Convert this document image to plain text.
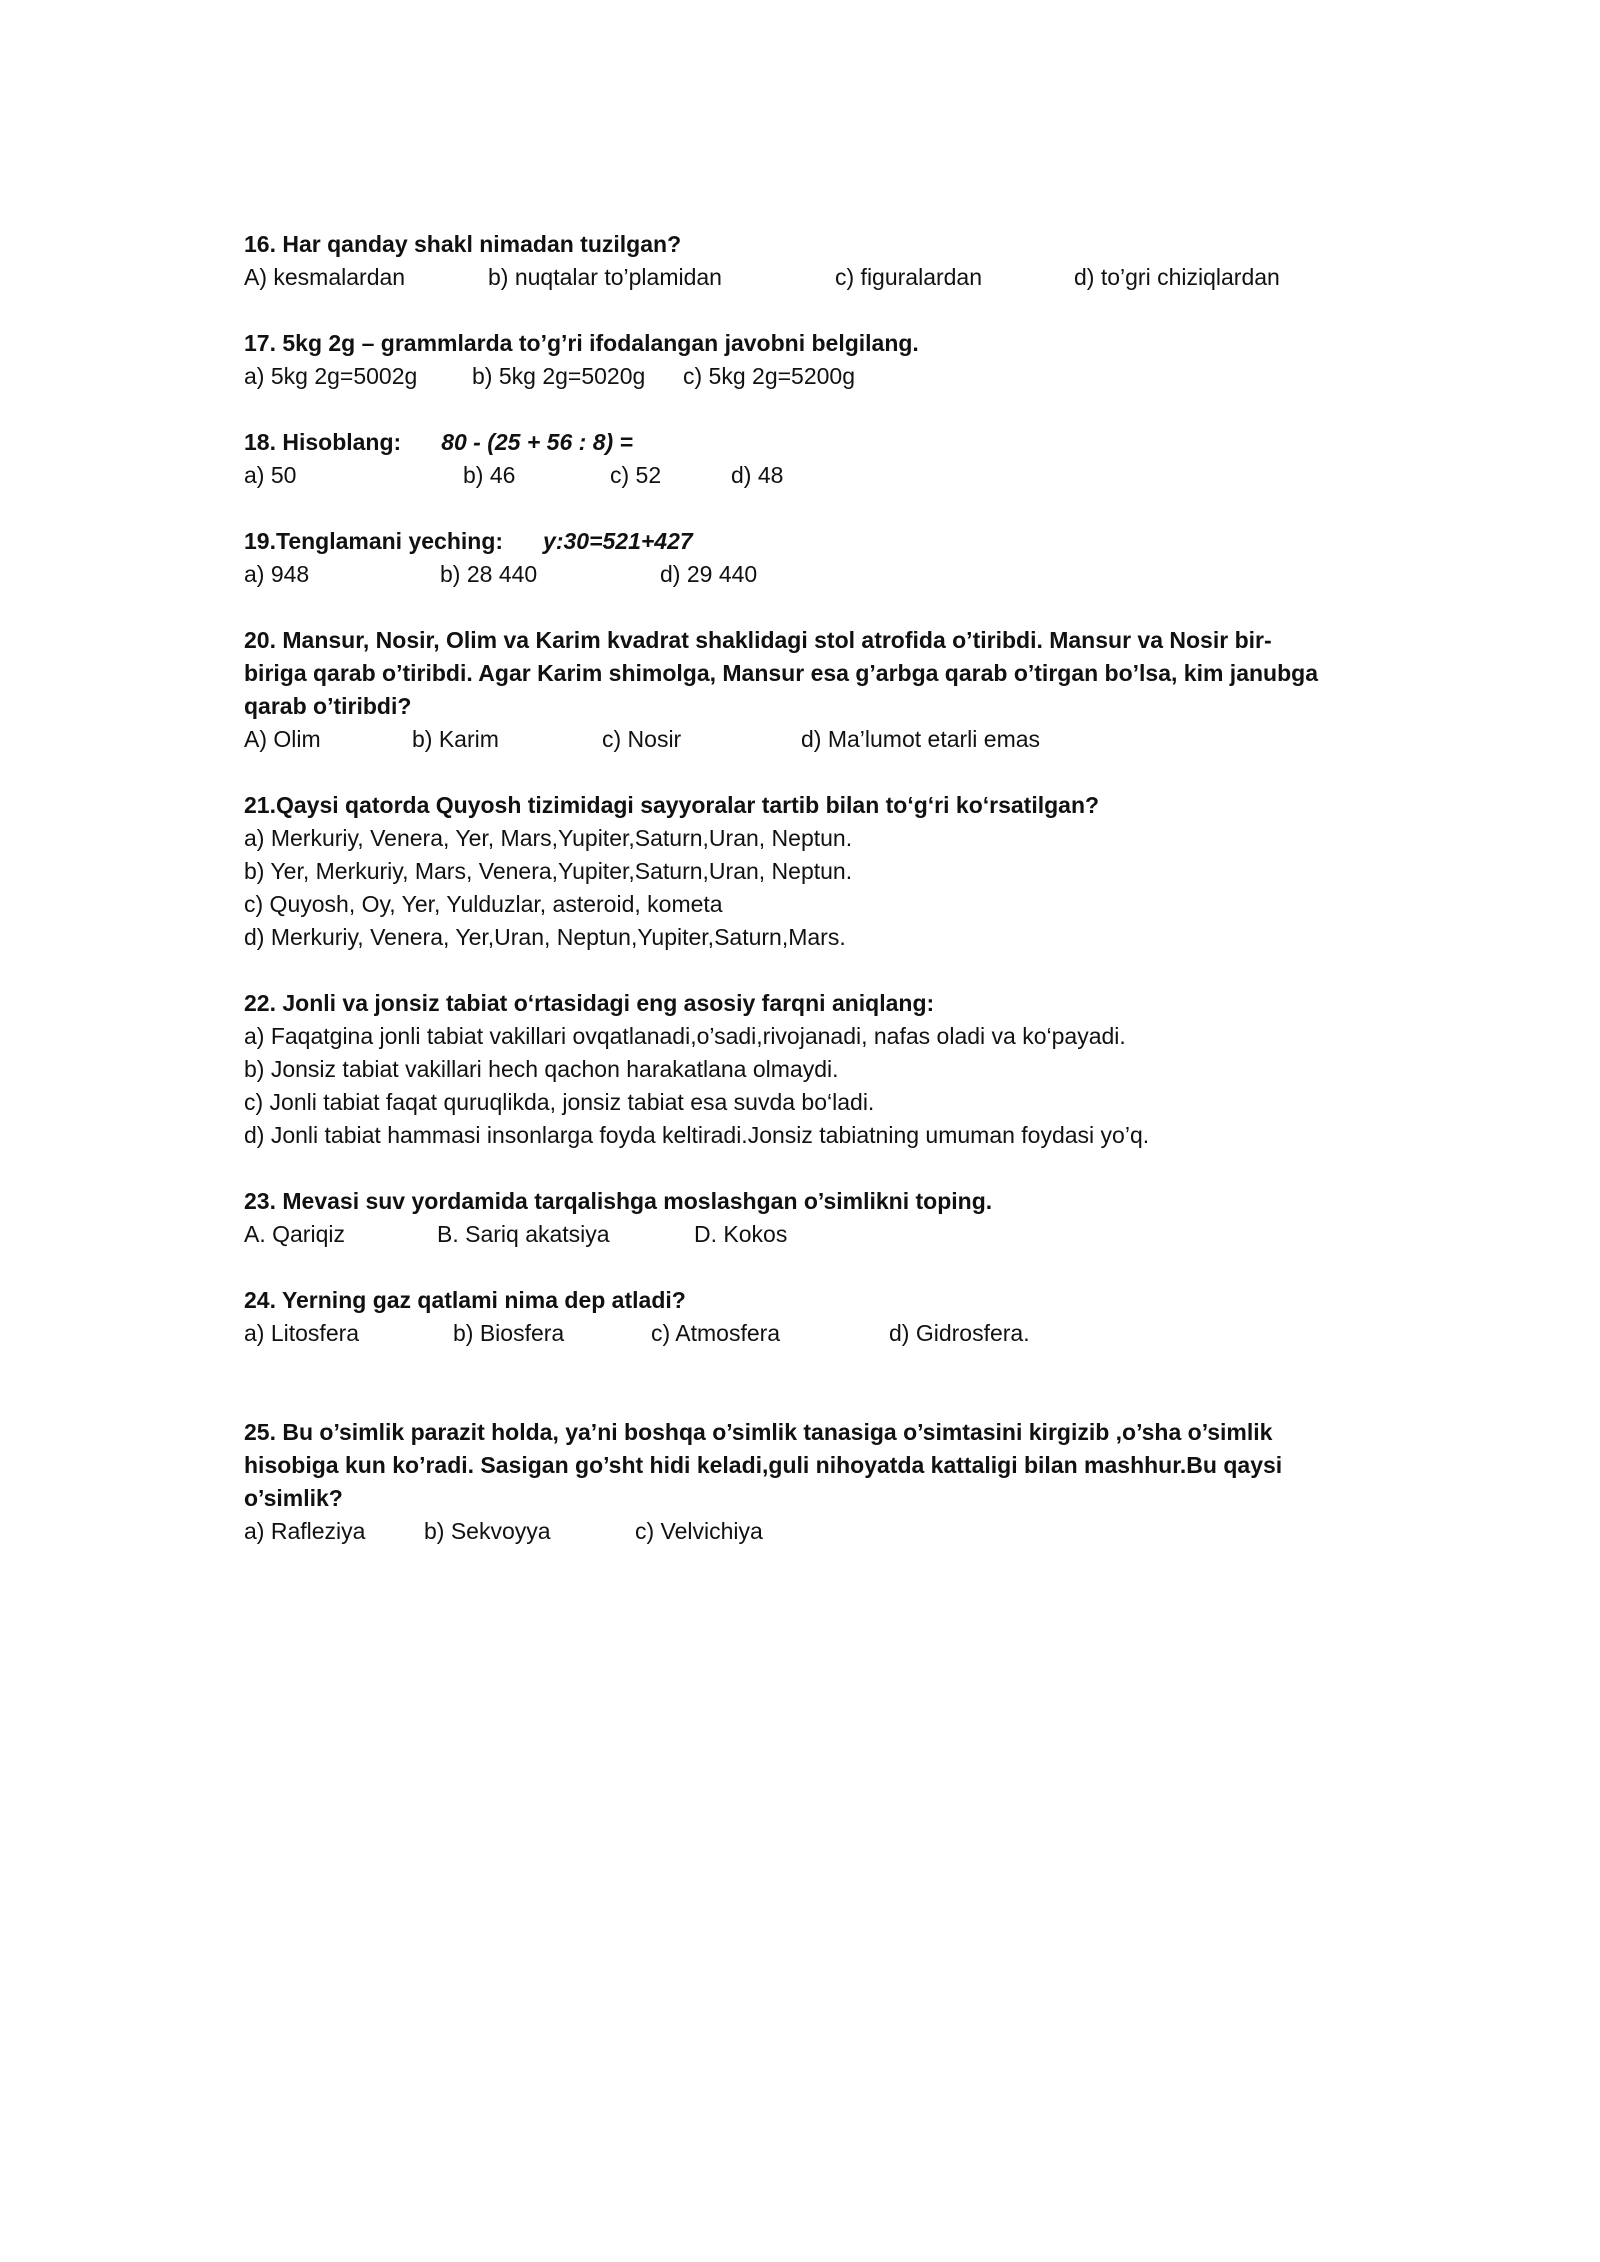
16. Har qanday shakl nimadan tuzilgan?

A) kesmalardan	b) nuqtalar to’plamidan	c) figuralardan	d) to’gri chiziqlardan

17. 5kg 2g – grammlarda to’g’ri ifodalangan javobni belgilang.

a) 5kg 2g=5002g b) 5kg 2g=5020g c) 5kg 2g=5200g

18. Hisoblang: 80 - (25 + 56 : 8) =

a) 50	b) 46	c) 52	d) 48

19.Tenglamani yeching: y:30=521+427

a) 948	b) 28 440	d) 29 440

20. Mansur, Nosir, Olim va Karim kvadrat shaklidagi stol atrofida o’tiribdi. Mansur va Nosir bir-

biriga qarab o’tiribdi. Agar Karim shimolga, Mansur esa g’arbga qarab o’tirgan bo’lsa, kim janubga

qarab o’tiribdi?

A) Olim	b) Karim	c) Nosir	d) Ma’lumot etarli emas

21.Qaysi qatorda Quyosh tizimidagi sayyoralar tartib bilan to‘g‘ri ko‘rsatilgan?

a) Merkuriy, Venera, Yer, Mars,Yupiter,Saturn,Uran, Neptun.

b) Yer, Merkuriy, Mars, Venera,Yupiter,Saturn,Uran, Neptun.

c) Quyosh, Oy, Yer, Yulduzlar, asteroid, kometa

d) Merkuriy, Venera, Yer,Uran, Neptun,Yupiter,Saturn,Mars.

22. Jonli va jonsiz tabiat o‘rtasidagi eng asosiy farqni aniqlang:

a) Faqatgina jonli tabiat vakillari ovqatlanadi,o’sadi,rivojanadi, nafas oladi va ko‘payadi.

b) Jonsiz tabiat vakillari hech qachon harakatlana olmaydi.

c) Jonli tabiat faqat quruqlikda, jonsiz tabiat esa suvda bo‘ladi.

d) Jonli tabiat hammasi insonlarga foyda keltiradi.Jonsiz tabiatning umuman foydasi yo’q.

23. Mevasi suv yordamida tarqalishga moslashgan o’simlikni toping.

A. Qariqiz	B. Sariq akatsiya	D. Kokos

24. Yerning gaz qatlami nima dep atladi?

a) Litosfera	b) Biosfera	c) Atmosfera	d) Gidrosfera.

25. Bu o’simlik parazit holda, ya’ni boshqa o’simlik tanasiga o’simtasini kirgizib ,o’sha o’simlik

hisobiga kun ko’radi. Sasigan go’sht hidi keladi,guli nihoyatda kattaligi bilan mashhur.Bu qaysi

o’simlik?

a) Rafleziya	b) Sekvoyya	c) Velvichiya
